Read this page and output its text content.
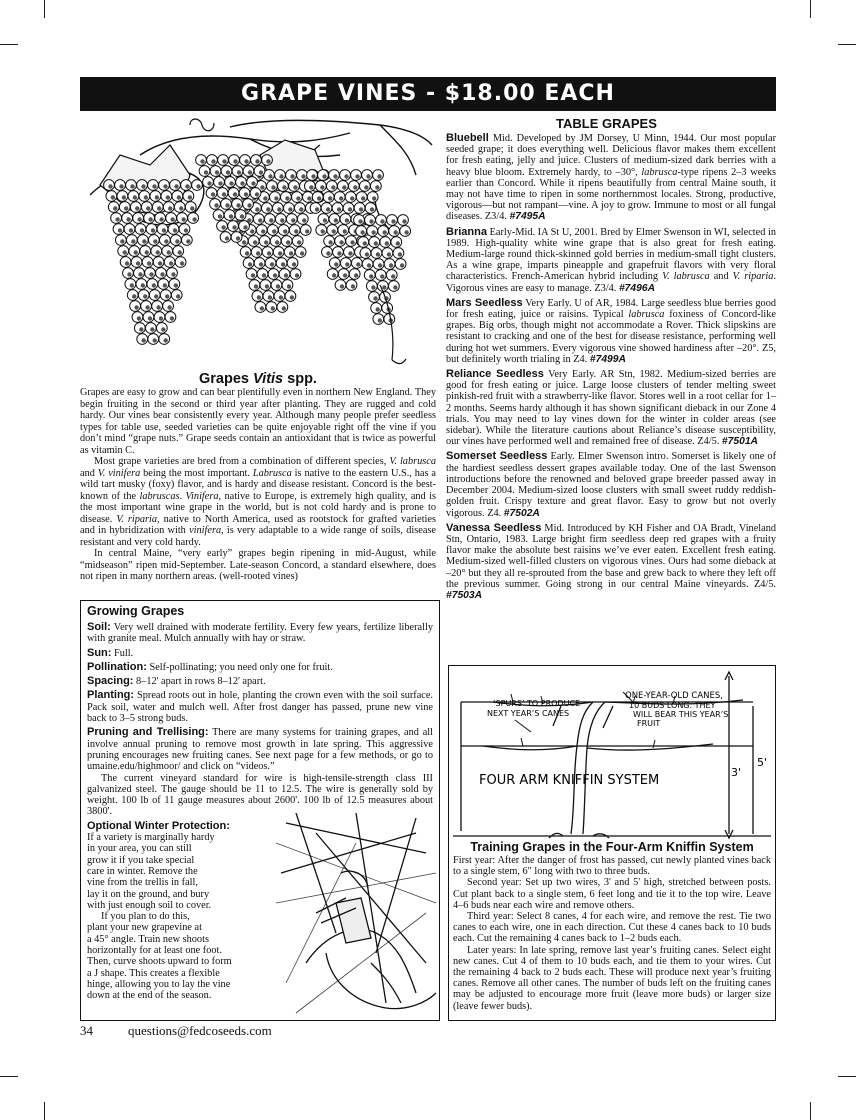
GRAPE VINES - $18.00 EACH
Grapes Vitis spp.

Grapes are easy to grow and can bear plentifully even in northern New England. They begin fruiting in the second or third year after planting. They are rugged and cold hardy. Our vines bear consistently every year. Although many people prefer seedless types for table use, seeded varieties can be quite enjoyable right off the vine if you don’t mind “grape nuts.” Grape seeds contain an antioxidant that is twice as powerful as vitamin C.

Most grape varieties are bred from a combination of different species, V. labrusca and V. vinifera being the most important. Labrusca is native to the eastern U.S., has a wild tart musky (foxy) flavor, and is hardy and disease resistant. Concord is the best-known of the labruscas. Vinifera, native to Europe, is extremely high quality, and is the most important wine grape in the world, but is not cold hardy and is prone to disease. V. riparia, native to North America, used as rootstock for grafted varieties and in hybridization with vinifera, is very adaptable to a wide range of soils, disease resistant and very cold hardy.

In central Maine, “very early” grapes begin ripening in mid-August, while “midseason” ripen mid-September. Late-season Concord, a standard elsewhere, does not ripen in many northern areas. (well-rooted vines)

Growing Grapes

Soil: Very well drained with moderate fertility. Every few years, fertilize liberally with granite meal. Mulch annually with hay or straw.

Sun: Full.

Pollination: Self-pollinating; you need only one for fruit.

Spacing: 8–12' apart in rows 8–12' apart.

Planting: Spread roots out in hole, planting the crown even with the soil surface. Pack soil, water and mulch well. After frost danger has passed, prune new vine back to 3–5 strong buds.

Pruning and Trellising: There are many systems for training grapes, and all involve annual pruning to remove most growth in late spring. This aggressive pruning encourages new fruiting canes. See next page for a few methods, or go to umaine.edu/highmoor/ and click on “videos.”

The current vineyard standard for wire is high-tensile-strength class III galvanized steel. The gauge should be 11 to 12.5. The wire is generally sold by weight. 100 lb of 11 gauge measures about 2600'. 100 lb of 12.5 measures about 3800'.

Optional Winter Protection:
If a variety is marginally hardy
in your area, you can still
grow it if you take special
care in winter. Remove the
vine from the trellis in fall,
lay it on the ground, and bury
with just enough soil to cover.
If you plan to do this,
plant your new grapevine at
a 45° angle. Train new shoots
horizontally for at least one foot.
Then, curve shoots upward to form
a J shape. This creates a flexible
hinge, allowing you to lay the vine
down at the end of the season.
TABLE GRAPES
Bluebell Mid. Developed by JM Dorsey, U Minn, 1944. Our most popular seeded grape; it does everything well. Delicious flavor makes them excellent for fresh eating, jelly and juice. Clusters of medium-sized dark berries with a heavy blue bloom. Extremely hardy, to –30°, labrusca-type ripens 2–3 weeks earlier than Concord. While it ripens beautifully from central Maine south, it may not have time to ripen in some northernmost locales. Strong, productive, vigorous—but not rampant—vine. A joy to grow. Immune to most or all fungal diseases. Z3/4. #7495A
Brianna Early-Mid. IA St U, 2001. Bred by Elmer Swenson in WI, selected in 1989. High-quality white wine grape that is also great for fresh eating. Medium-large round thick-skinned gold berries in medium-small tight clusters. As a wine grape, imparts pineapple and grapefruit flavors with very floral characteristics. French-American hybrid including V. labrusca and V. riparia. Vigorous vines are easy to manage. Z3/4. #7496A
Mars Seedless Very Early. U of AR, 1984. Large seedless blue berries good for fresh eating, juice or raisins. Typical labrusca foxiness of Concord-like grapes. Big orbs, though might not accommodate a Rover. Thick slipskins are resistant to cracking and one of the best for disease resistance, performing well during hot wet summers. Every vigorous vine showed hardiness after –20°. Z5, but definitely worth trialing in Z4. #7499A
Reliance Seedless Very Early. AR Stn, 1982. Medium-sized berries are good for fresh eating or juice. Large loose clusters of tender melting sweet pinkish-red fruit with a strawberry-like flavor. Stores well in a root cellar for 1–2 months. Seems hardy although it has shown significant dieback in our Zone 4 trials. You may need to lay vines down for the winter in colder areas (see sidebar). While the literature cautions about Reliance’s disease susceptibility, our vines have performed well and remained free of disease. Z4/5. #7501A
Somerset Seedless Early. Elmer Swenson intro. Somerset is likely one of the hardiest seedless dessert grapes available today. One of the last Swenson introductions before the renowned and beloved grape breeder passed away in December 2004. Medium-sized loose clusters with small sweet ruddy reddish-golden fruit. Crispy texture and great flavor. Easy to grow but not overly vigorous. Z4. #7502A
Vanessa Seedless Mid. Introduced by KH Fisher and OA Bradt, Vineland Stn, Ontario, 1983. Large bright firm seedless deep red grapes with a fruity flavor make the absolute best raisins we’ve ever eaten. Excellent fresh eating. Medium-sized well-filled clusters on vigorous vines. Ours had some dieback at –20° but they all re-sprouted from the base and grew back to where they left off the previous summer. Going strong in our central Maine vineyards. Z4/5. #7503A
‘SPURS’ TO PRODUCE
NEXT YEAR’S CANES
ONE-YEAR-OLD CANES,
10 BUDS LONG. THEY
WILL BEAR THIS YEAR’S
FRUIT
FOUR ARM KNIFFIN SYSTEM
3'
5'
Training Grapes in the Four-Arm Kniffin System

First year: After the danger of frost has passed, cut newly planted vines back to a single stem, 6" long with two to three buds.

Second year: Set up two wires, 3' and 5' high, stretched between posts. Cut plant back to a single stem, 6 feet long and tie it to the top wire. Leave 4–6 buds near each wire and remove others.

Third year: Select 8 canes, 4 for each wire, and remove the rest. Tie two canes to each wire, one in each direction. Cut these 4 canes back to 10 buds each. Cut the remaining 4 canes back to 1–2 buds each.

Later years: In late spring, remove last year’s fruiting canes. Select eight new canes. Cut 4 of them to 10 buds each, and tie them to your wires. Cut the remaining 4 back to 2 buds each. These will produce next year’s fruiting canes. Remove all other canes. The number of buds left on the fruiting canes may be adjusted to encourage more fruit (leave more buds) or larger size (leave fewer buds).

34	questions@fedcoseeds.com
